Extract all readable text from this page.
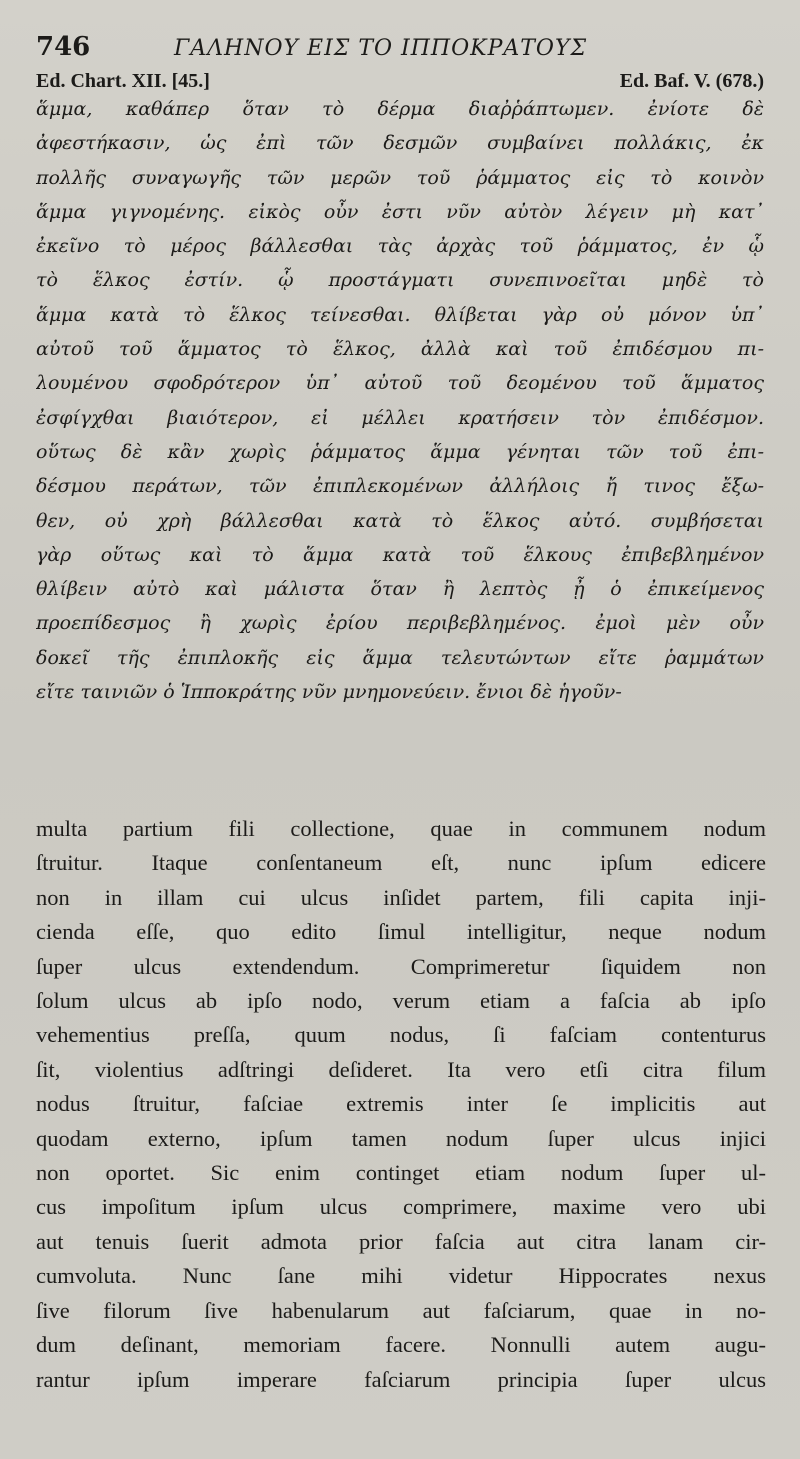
746	ΓΑΛΗΝΟΥ ΕΙΣ ΤΟ ΙΠΠΟΚΡΑΤΟΥΣ
Ed. Chart. XII. [45.]	Ed. Baf. V. (678.)
ἅμμα, καθάπερ ὅταν τὸ δέρμα διαῤῥάπτωμεν. ἐνίοτε δὲ
ἀφεστήκασιν, ὡς ἐπὶ τῶν δεσμῶν συμβαίνει πολλάκις, ἐκ
πολλῆς συναγωγῆς τῶν μερῶν τοῦ ῥάμματος εἰς τὸ κοινὸν
ἅμμα γιγνομένης. εἰκὸς οὖν ἐστι νῦν αὐτὸν λέγειν μὴ κατ᾽
ἐκεῖνο τὸ μέρος βάλλεσθαι τὰς ἀρχὰς τοῦ ῥάμματος, ἐν ᾧ
τὸ ἕλκος ἐστίν. ᾧ προστάγματι συνεπινοεῖται μηδὲ τὸ
ἅμμα κατὰ τὸ ἕλκος τείνεσθαι. θλίβεται γὰρ οὐ μόνον ὑπ᾽
αὐτοῦ τοῦ ἅμματος τὸ ἕλκος, ἀλλὰ καὶ τοῦ ἐπιδέσμου πι-
λουμένου σφοδρότερον ὑπ᾽ αὐτοῦ τοῦ δεομένου τοῦ ἅμματος
ἐσφίγχθαι βιαιότερον, εἰ μέλλει κρατήσειν τὸν ἐπιδέσμον.
οὕτως δὲ κἂν χωρὶς ῥάμματος ἅμμα γένηται τῶν τοῦ ἐπι-
δέσμου περάτων, τῶν ἐπιπλεκομένων ἀλλήλοις ἤ τινος ἔξω-
θεν, οὐ χρὴ βάλλεσθαι κατὰ τὸ ἕλκος αὐτό. συμβήσεται
γὰρ οὕτως καὶ τὸ ἅμμα κατὰ τοῦ ἕλκους ἐπιβεβλημένον
θλίβειν αὐτὸ καὶ μάλιστα ὅταν ἢ λεπτὸς ᾖ ὁ ἐπικείμενος
προεπίδεσμος ἢ χωρὶς ἐρίου περιβεβλημένος. ἐμοὶ μὲν οὖν
δοκεῖ τῆς ἐπιπλοκῆς εἰς ἅμμα τελευτώντων εἴτε ῥαμμάτων
εἴτε ταινιῶν ὁ Ἱπποκράτης νῦν μνημονεύειν. ἔνιοι δὲ ἡγοῦν-
multa partium fili collectione, quae in communem nodum
ſtruitur. Itaque conſentaneum eſt, nunc ipſum edicere
non in illam cui ulcus inſidet partem, fili capita inji-
cienda eſſe, quo edito ſimul intelligitur, neque nodum
ſuper ulcus extendendum. Comprimeretur ſiquidem non
ſolum ulcus ab ipſo nodo, verum etiam a faſcia ab ipſo
vehementius preſſa, quum nodus, ſi faſciam contenturus
ſit, violentius adſtringi deſideret. Ita vero etſi citra filum
nodus ſtruitur, faſciae extremis inter ſe implicitis aut
quodam externo, ipſum tamen nodum ſuper ulcus injici
non oportet. Sic enim continget etiam nodum ſuper ul-
cus impoſitum ipſum ulcus comprimere, maxime vero ubi
aut tenuis ſuerit admota prior faſcia aut citra lanam cir-
cumvoluta. Nunc ſane mihi videtur Hippocrates nexus
ſive filorum ſive habenularum aut faſciarum, quae in no-
dum deſinant, memoriam facere. Nonnulli autem augu-
rantur ipſum imperare faſciarum principia ſuper ulcus
